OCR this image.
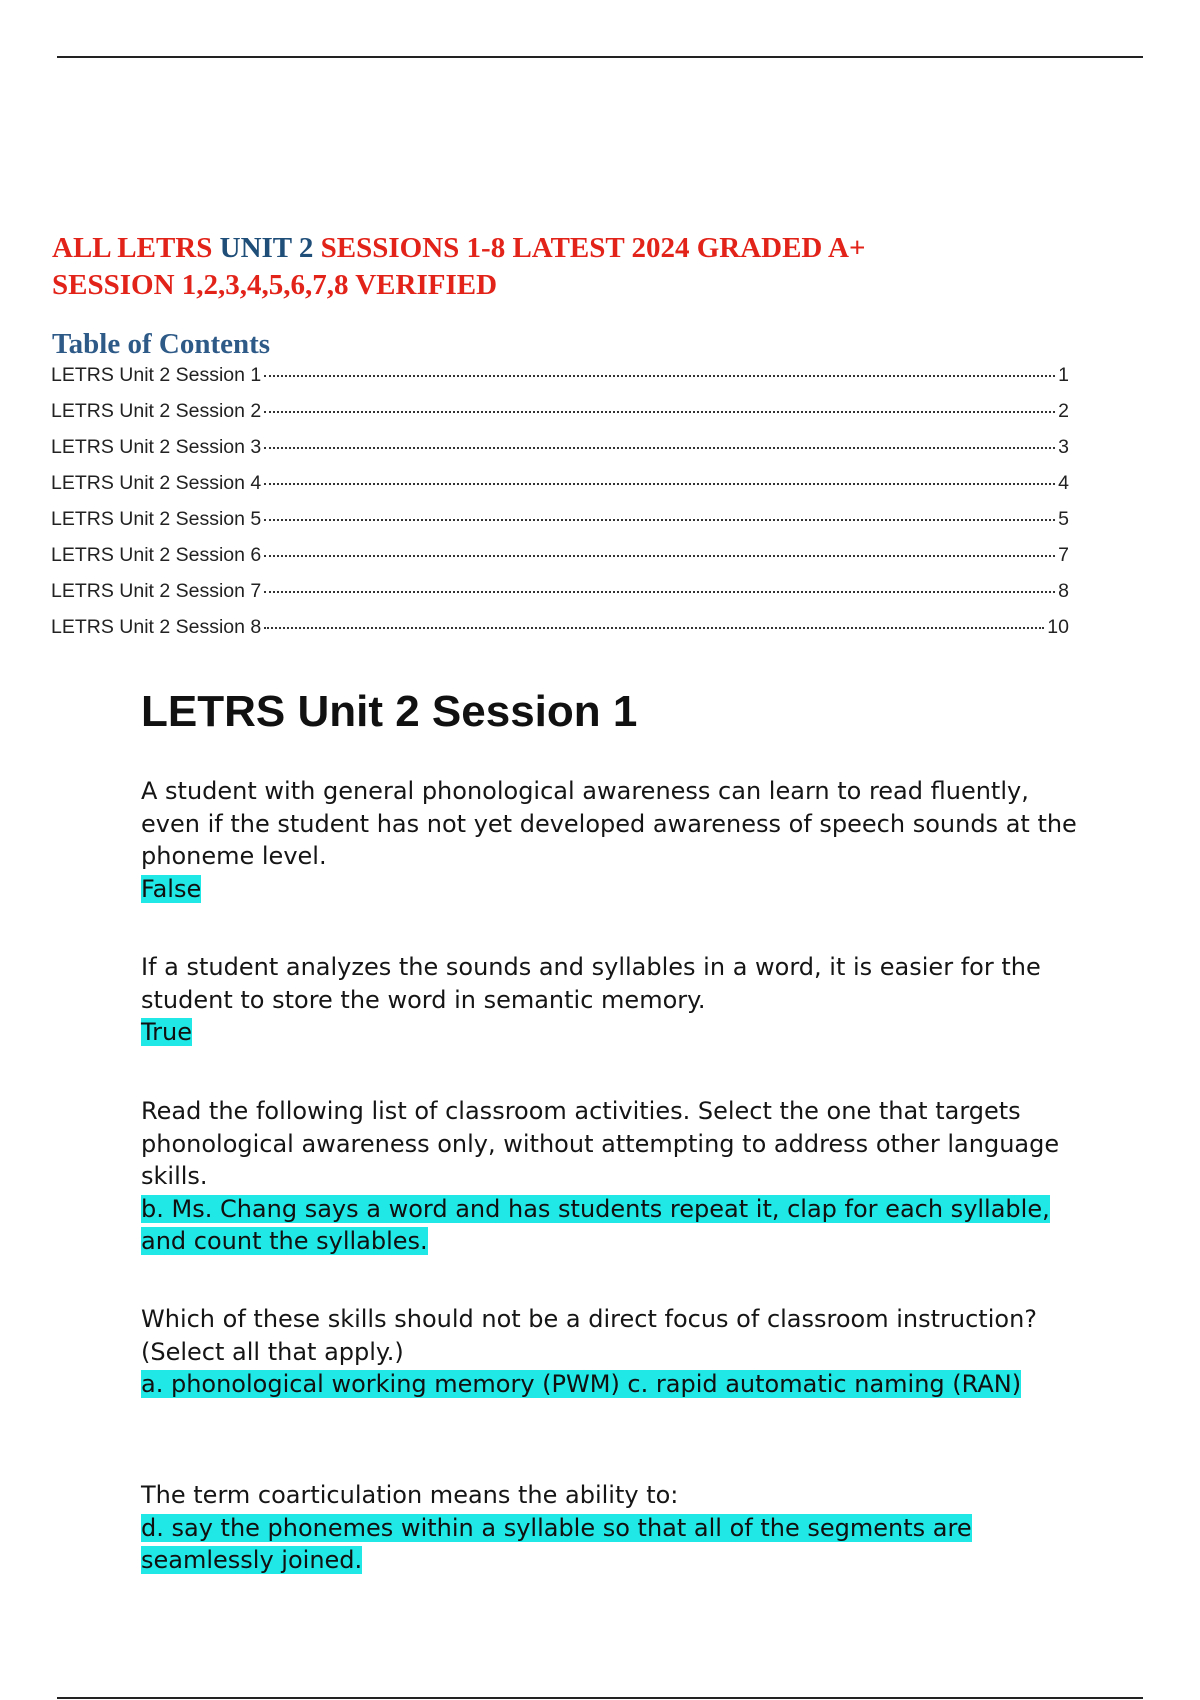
ALL LETRS UNIT 2 SESSIONS 1-8 LATEST 2024 GRADED A+
SESSION 1,2,3,4,5,6,7,8 VERIFIED
Table of Contents
LETRS Unit 2 Session 1	1
LETRS Unit 2 Session 2	2
LETRS Unit 2 Session 3	3
LETRS Unit 2 Session 4	4
LETRS Unit 2 Session 5	5
LETRS Unit 2 Session 6	7
LETRS Unit 2 Session 7	8
LETRS Unit 2 Session 8	10
LETRS Unit 2 Session 1

A student with general phonological awareness can learn to read fluently, even if the student has not yet developed awareness of speech sounds at the phoneme level.

False

If a student analyzes the sounds and syllables in a word, it is easier for the student to store the word in semantic memory.

True

Read the following list of classroom activities. Select the one that targets phonological awareness only, without attempting to address other language skills.

b. Ms. Chang says a word and has students repeat it, clap for each syllable, and count the syllables.

Which of these skills should not be a direct focus of classroom instruction? (Select all that apply.)

a. phonological working memory (PWM) c. rapid automatic naming (RAN)

The term coarticulation means the ability to:

d. say the phonemes within a syllable so that all of the segments are seamlessly joined.
